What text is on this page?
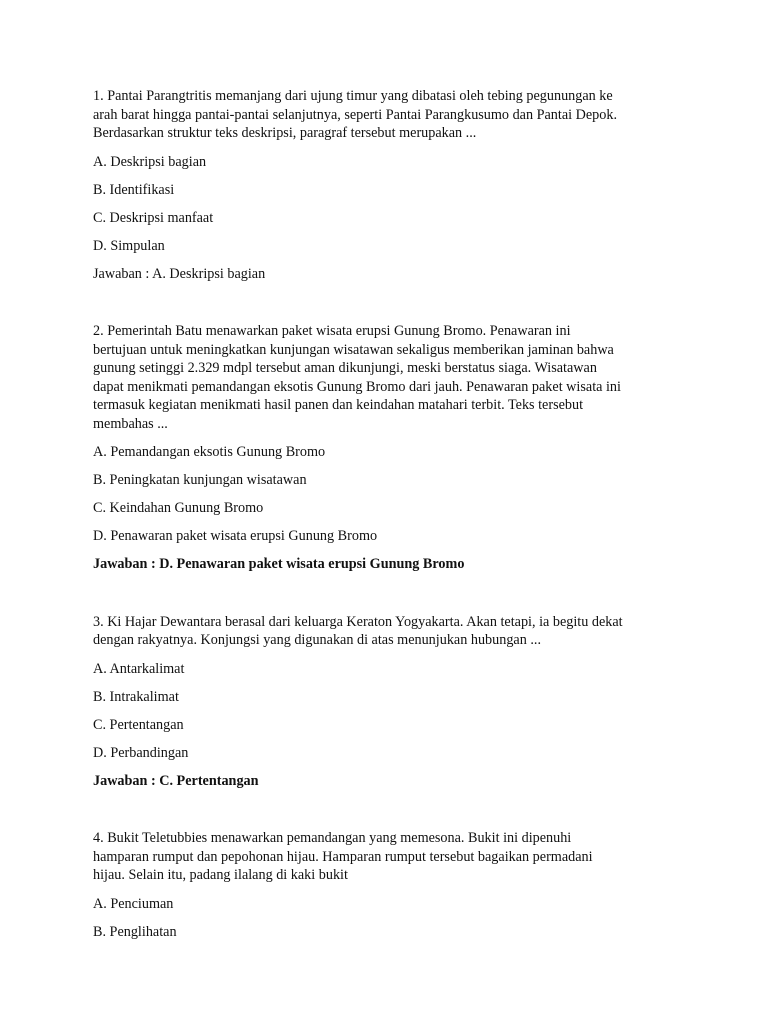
1. Pantai Parangtritis memanjang dari ujung timur yang dibatasi oleh tebing pegunungan ke
arah barat hingga pantai-pantai selanjutnya, seperti Pantai Parangkusumo dan Pantai Depok.
Berdasarkan struktur teks deskripsi, paragraf tersebut merupakan ...

A. Deskripsi bagian

B. Identifikasi

C. Deskripsi manfaat

D. Simpulan

Jawaban : A. Deskripsi bagian

2. Pemerintah Batu menawarkan paket wisata erupsi Gunung Bromo. Penawaran ini
bertujuan untuk meningkatkan kunjungan wisatawan sekaligus memberikan jaminan bahwa
gunung setinggi 2.329 mdpl tersebut aman dikunjungi, meski berstatus siaga. Wisatawan
dapat menikmati pemandangan eksotis Gunung Bromo dari jauh. Penawaran paket wisata ini
termasuk kegiatan menikmati hasil panen dan keindahan matahari terbit. Teks tersebut
membahas ...

A. Pemandangan eksotis Gunung Bromo

B. Peningkatan kunjungan wisatawan

C. Keindahan Gunung Bromo

D. Penawaran paket wisata erupsi Gunung Bromo

Jawaban : D. Penawaran paket wisata erupsi Gunung Bromo

3. Ki Hajar Dewantara berasal dari keluarga Keraton Yogyakarta. Akan tetapi, ia begitu dekat
dengan rakyatnya. Konjungsi yang digunakan di atas menunjukan hubungan ...

A. Antarkalimat

B. Intrakalimat

C. Pertentangan

D. Perbandingan

Jawaban : C. Pertentangan

4. Bukit Teletubbies menawarkan pemandangan yang memesona. Bukit ini dipenuhi
hamparan rumput dan pepohonan hijau. Hamparan rumput tersebut bagaikan permadani
hijau. Selain itu, padang ilalang di kaki bukit

A. Penciuman

B. Penglihatan
